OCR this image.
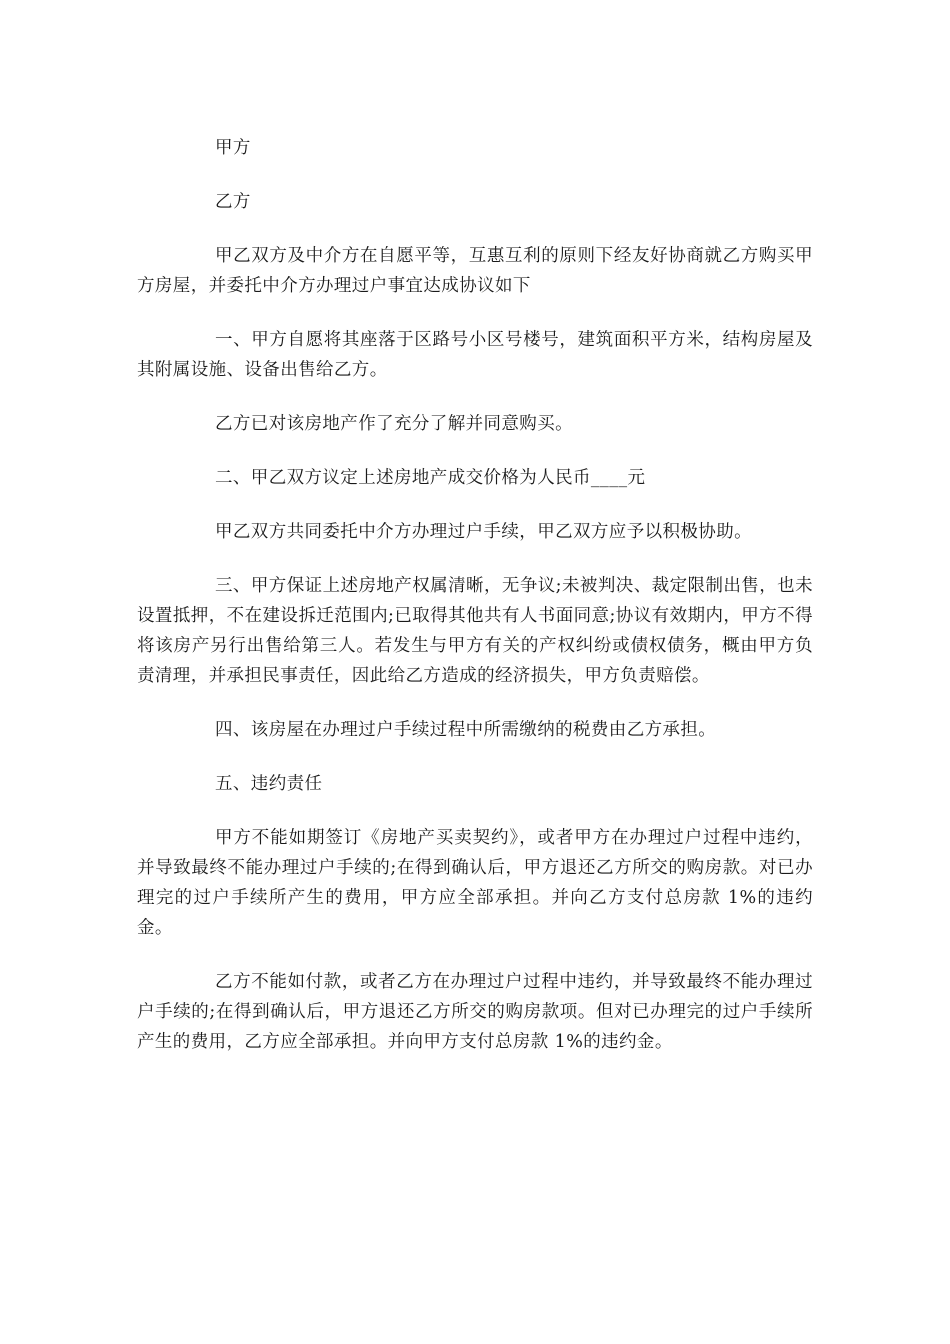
甲方

乙方

甲乙双方及中介方在自愿平等，互惠互利的原则下经友好协商就乙方购买甲方房屋，并委托中介方办理过户事宜达成协议如下

一、甲方自愿将其座落于区路号小区号楼号，建筑面积平方米，结构房屋及其附属设施、设备出售给乙方。

乙方已对该房地产作了充分了解并同意购买。

二、甲乙双方议定上述房地产成交价格为人民币____元

甲乙双方共同委托中介方办理过户手续，甲乙双方应予以积极协助。

三、甲方保证上述房地产权属清晰，无争议;未被判决、裁定限制出售，也未设置抵押，不在建设拆迁范围内;已取得其他共有人书面同意;协议有效期内，甲方不得将该房产另行出售给第三人。若发生与甲方有关的产权纠纷或债权债务，概由甲方负责清理，并承担民事责任，因此给乙方造成的经济损失，甲方负责赔偿。

四、该房屋在办理过户手续过程中所需缴纳的税费由乙方承担。

五、违约责任

甲方不能如期签订《房地产买卖契约》，或者甲方在办理过户过程中违约，并导致最终不能办理过户手续的;在得到确认后，甲方退还乙方所交的购房款。对已办理完的过户手续所产生的费用，甲方应全部承担。并向乙方支付总房款 1%的违约金。

乙方不能如付款，或者乙方在办理过户过程中违约，并导致最终不能办理过户手续的;在得到确认后，甲方退还乙方所交的购房款项。但对已办理完的过户手续所产生的费用，乙方应全部承担。并向甲方支付总房款 1%的违约金。
